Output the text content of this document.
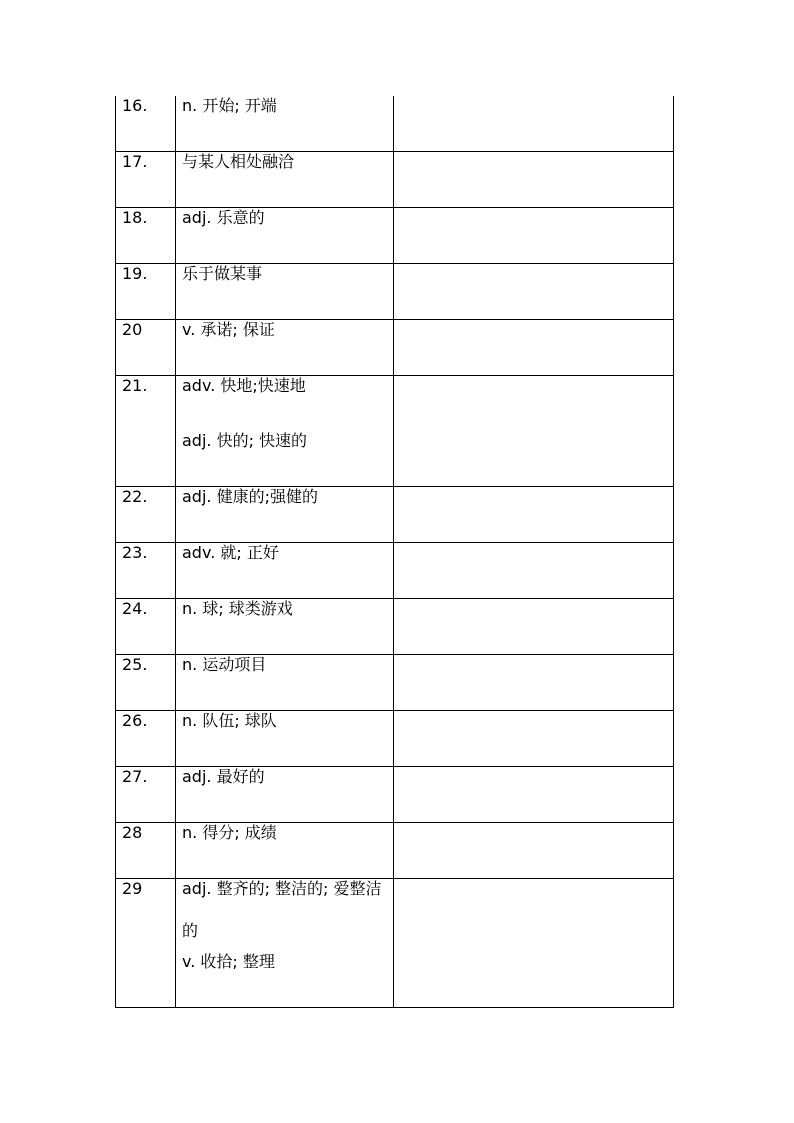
16.	n. 开始; 开端	

17.	与某人相处融洽	

18.	adj. 乐意的	

19.	乐于做某事	

20	v. 承诺; 保证	

21.	adv. 快地;快速地
adj. 快的; 快速的	

22.	adj. 健康的;强健的	

23.	adv. 就; 正好	

24.	n. 球; 球类游戏	

25.	n. 运动项目	

26.	n. 队伍; 球队	

27.	adj. 最好的	

28	n. 得分; 成绩	

29	adj. 整齐的; 整洁的; 爱整洁的
v. 收拾; 整理	
